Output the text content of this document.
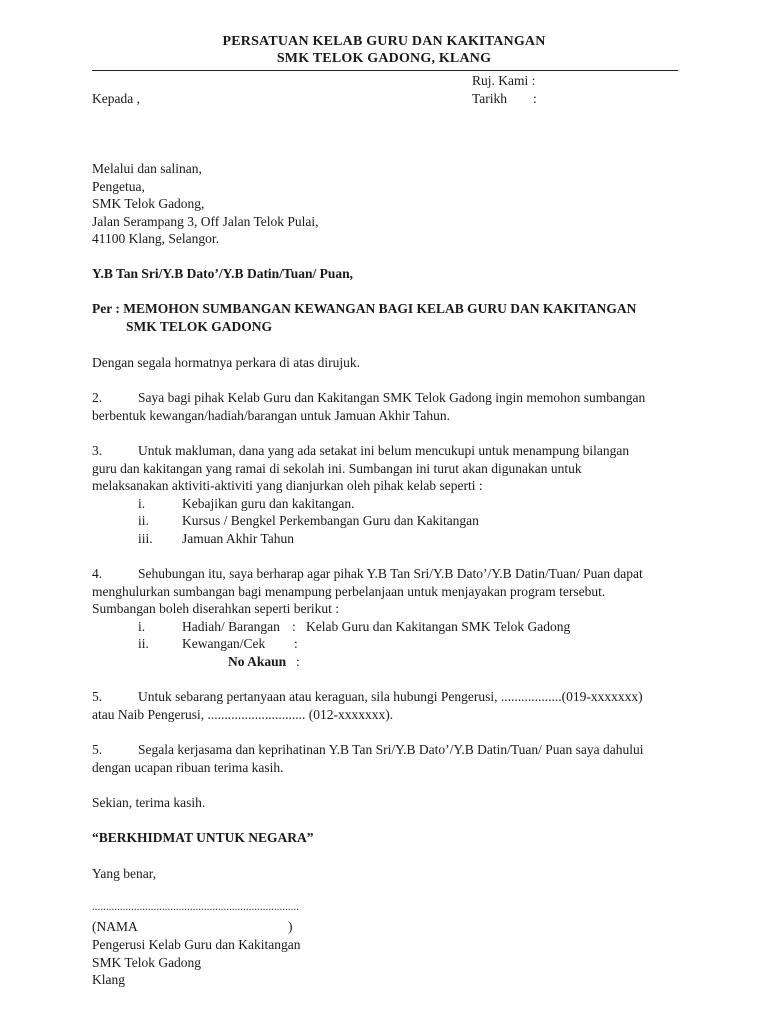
PERSATUAN KELAB GURU DAN KAKITANGAN
SMK TELOK GADONG, KLANG
Ruj. Kami :
Tarikh :
Kepada ,
Melalui dan salinan,
Pengetua,
SMK Telok Gadong,
Jalan Serampang 3, Off Jalan Telok Pulai,
41100 Klang, Selangor.
Y.B Tan Sri/Y.B Dato’/Y.B Datin/Tuan/ Puan,
Per : MEMOHON SUMBANGAN KEWANGAN BAGI KELAB GURU DAN KAKITANGAN
SMK TELOK GADONG
Dengan segala hormatnya perkara di atas dirujuk.
2.	Saya bagi pihak Kelab Guru dan Kakitangan SMK Telok Gadong ingin memohon sumbangan
berbentuk kewangan/hadiah/barangan untuk Jamuan Akhir Tahun.
3.	Untuk makluman, dana yang ada setakat ini belum mencukupi untuk menampung bilangan
guru dan kakitangan yang ramai di sekolah ini. Sumbangan ini turut akan digunakan untuk
melaksanakan aktiviti-aktiviti yang dianjurkan oleh pihak kelab seperti :
i.	Kebajikan guru dan kakitangan.
ii. Kursus / Bengkel Perkembangan Guru dan Kakitangan
iii. Jamuan Akhir Tahun
4.	Sehubungan itu, saya berharap agar pihak Y.B Tan Sri/Y.B Dato’/Y.B Datin/Tuan/ Puan dapat
menghulurkan sumbangan bagi menampung perbelanjaan untuk menjayakan program tersebut.
Sumbangan boleh diserahkan seperti berikut :
i.	Hadiah/ Barangan : Kelab Guru dan Kakitangan SMK Telok Gadong
ii. Kewangan/Cek :
No Akaun :
5.	Untuk sebarang pertanyaan atau keraguan, sila hubungi Pengerusi, ..................(019-xxxxxxx)
atau Naib Pengerusi, ............................. (012-xxxxxxx).
5.	Segala kerjasama dan keprihatinan Y.B Tan Sri/Y.B Dato’/Y.B Datin/Tuan/ Puan saya dahului
dengan ucapan ribuan terima kasih.
Sekian, terima kasih.
“BERKHIDMAT UNTUK NEGARA”
Yang benar,
..........................................................................
(NAMA	)
Pengerusi Kelab Guru dan Kakitangan
SMK Telok Gadong
Klang
